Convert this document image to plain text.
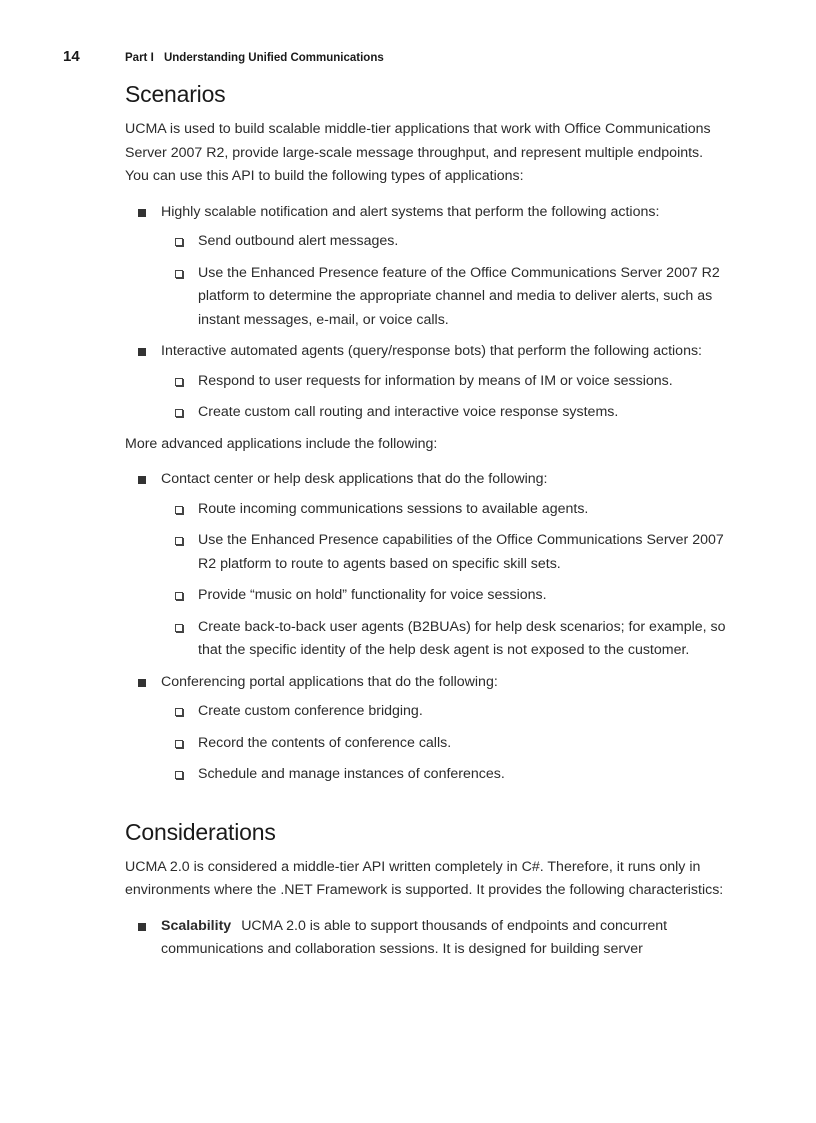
14	Part I Understanding Unified Communications
Scenarios

UCMA is used to build scalable middle-tier applications that work with Office Communications Server 2007 R2, provide large-scale message throughput, and represent multiple endpoints. You can use this API to build the following types of applications:

Highly scalable notification and alert systems that perform the following actions:
Send outbound alert messages.
Use the Enhanced Presence feature of the Office Communications Server 2007 R2 platform to determine the appropriate channel and media to deliver alerts, such as instant messages, e-mail, or voice calls.
Interactive automated agents (query/response bots) that perform the following actions:
Respond to user requests for information by means of IM or voice sessions.
Create custom call routing and interactive voice response systems.

More advanced applications include the following:

Contact center or help desk applications that do the following:
Route incoming communications sessions to available agents.
Use the Enhanced Presence capabilities of the Office Communications Server 2007 R2 platform to route to agents based on specific skill sets.
Provide “music on hold” functionality for voice sessions.
Create back-to-back user agents (B2BUAs) for help desk scenarios; for example, so that the specific identity of the help desk agent is not exposed to the customer.
Conferencing portal applications that do the following:
Create custom conference bridging.
Record the contents of conference calls.
Schedule and manage instances of conferences.
Considerations

UCMA 2.0 is considered a middle-tier API written completely in C#. Therefore, it runs only in environments where the .NET Framework is supported. It provides the following characteristics:

Scalability UCMA 2.0 is able to support thousands of endpoints and concurrent communications and collaboration sessions. It is designed for building server
